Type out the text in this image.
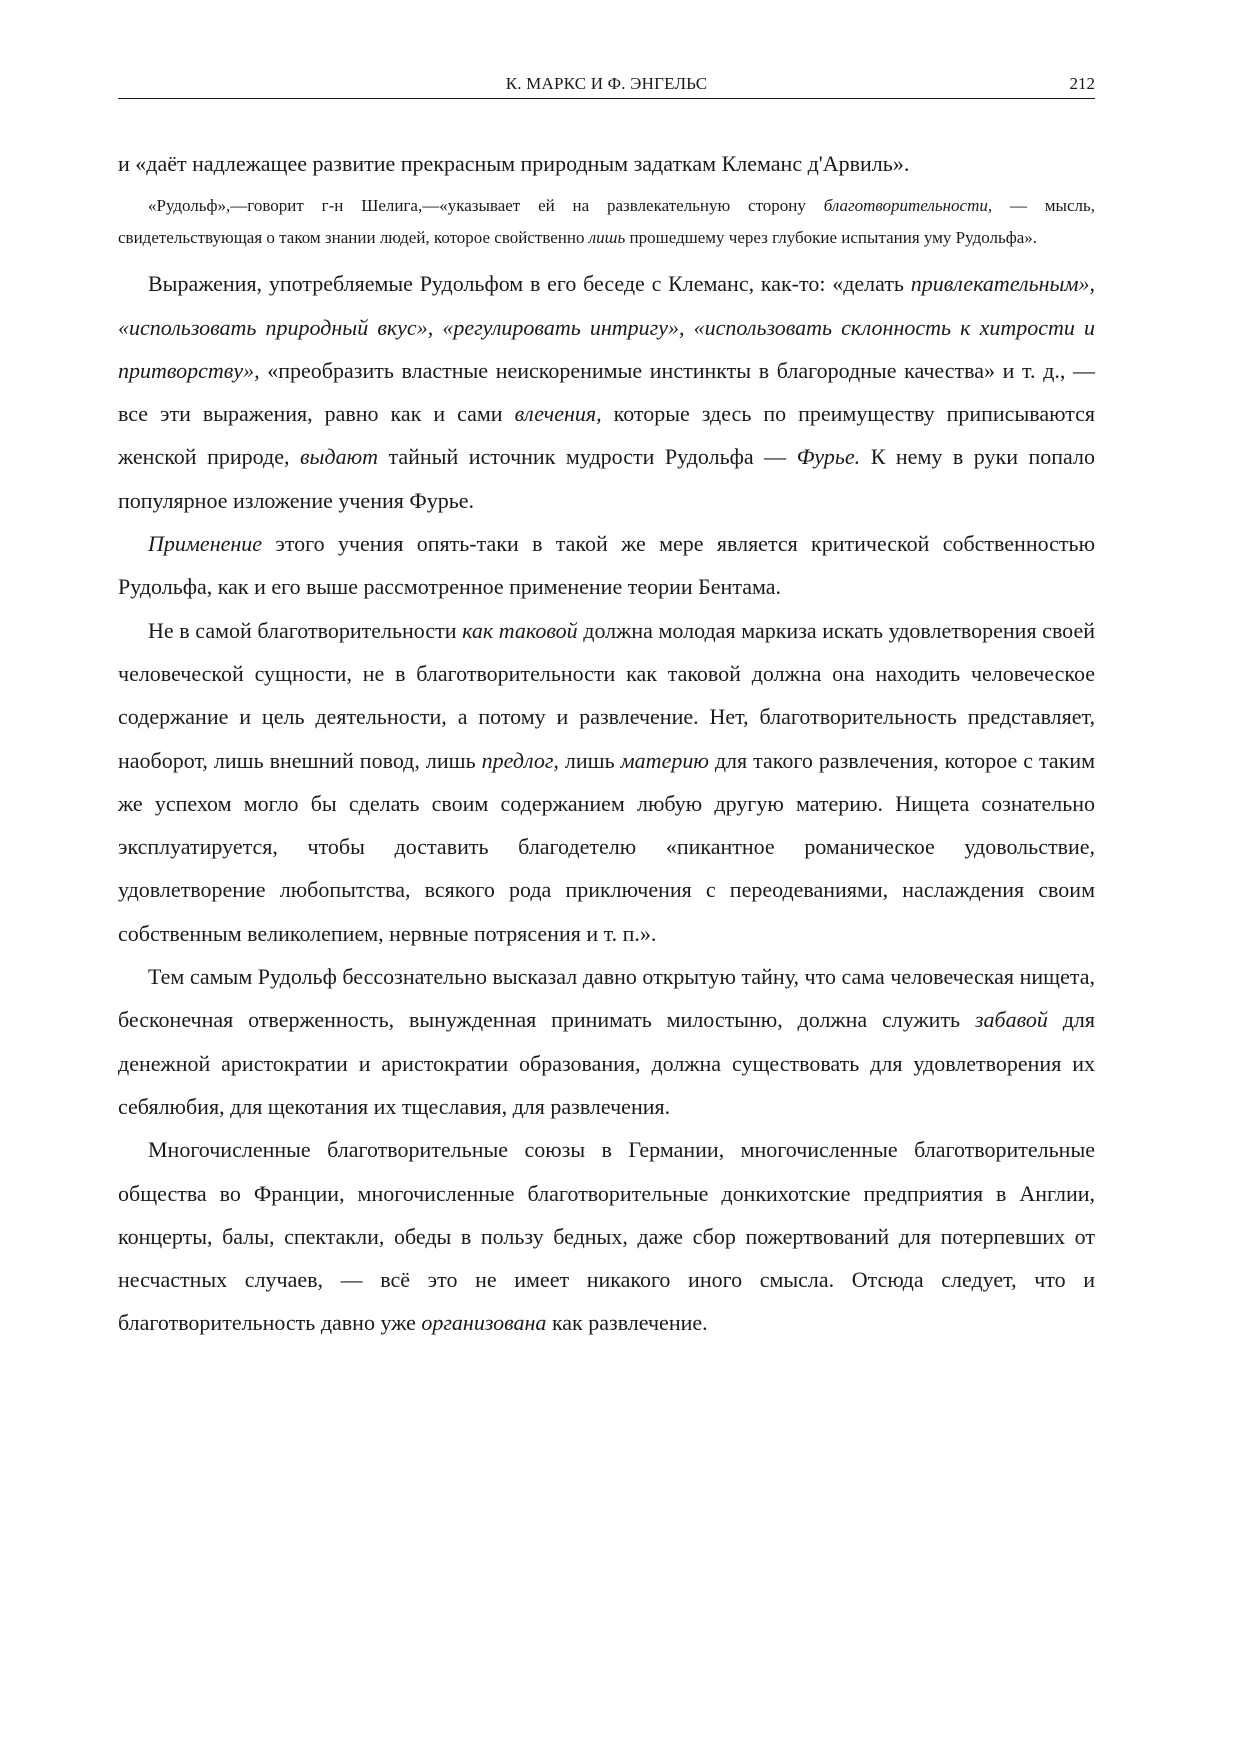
К. МАРКС И Ф. ЭНГЕЛЬС	212

и «даёт надлежащее развитие прекрасным природным задаткам Клеманс д'Арвиль».

«Рудольф»,—говорит г-н Шелига,—«указывает ей на развлекательную сторону благотворительности, — мысль, свидетельствующая о таком знании людей, которое свойственно лишь прошедшему через глубокие испытания уму Рудольфа».

Выражения, употребляемые Рудольфом в его беседе с Клеманс, как-то: «делать привлекательным», «использовать природный вкус», «регулировать интригу», «использовать склонность к хитрости и притворству», «преобразить властные неискоренимые инстинкты в благородные качества» и т. д., — все эти выражения, равно как и сами влечения, которые здесь по преимуществу приписываются женской природе, выдают тайный источник мудрости Рудольфа — Фурье. К нему в руки попало популярное изложение учения Фурье.

Применение этого учения опять-таки в такой же мере является критической собственностью Рудольфа, как и его выше рассмотренное применение теории Бентама.

Не в самой благотворительности как таковой должна молодая маркиза искать удовлетворения своей человеческой сущности, не в благотворительности как таковой должна она находить человеческое содержание и цель деятельности, а потому и развлечение. Нет, благотворительность представляет, наоборот, лишь внешний повод, лишь предлог, лишь материю для такого развлечения, которое с таким же успехом могло бы сделать своим содержанием любую другую материю. Нищета сознательно эксплуатируется, чтобы доставить благодетелю «пикантное романическое удовольствие, удовлетворение любопытства, всякого рода приключения с переодеваниями, наслаждения своим собственным великолепием, нервные потрясения и т. п.».

Тем самым Рудольф бессознательно высказал давно открытую тайну, что сама человеческая нищета, бесконечная отверженность, вынужденная принимать милостыню, должна служить забавой для денежной аристократии и аристократии образования, должна существовать для удовлетворения их себялюбия, для щекотания их тщеславия, для развлечения.

Многочисленные благотворительные союзы в Германии, многочисленные благотворительные общества во Франции, многочисленные благотворительные донкихотские предприятия в Англии, концерты, балы, спектакли, обеды в пользу бедных, даже сбор пожертвований для потерпевших от несчастных случаев, — всё это не имеет никакого иного смысла. Отсюда следует, что и благотворительность давно уже организована как развлечение.
